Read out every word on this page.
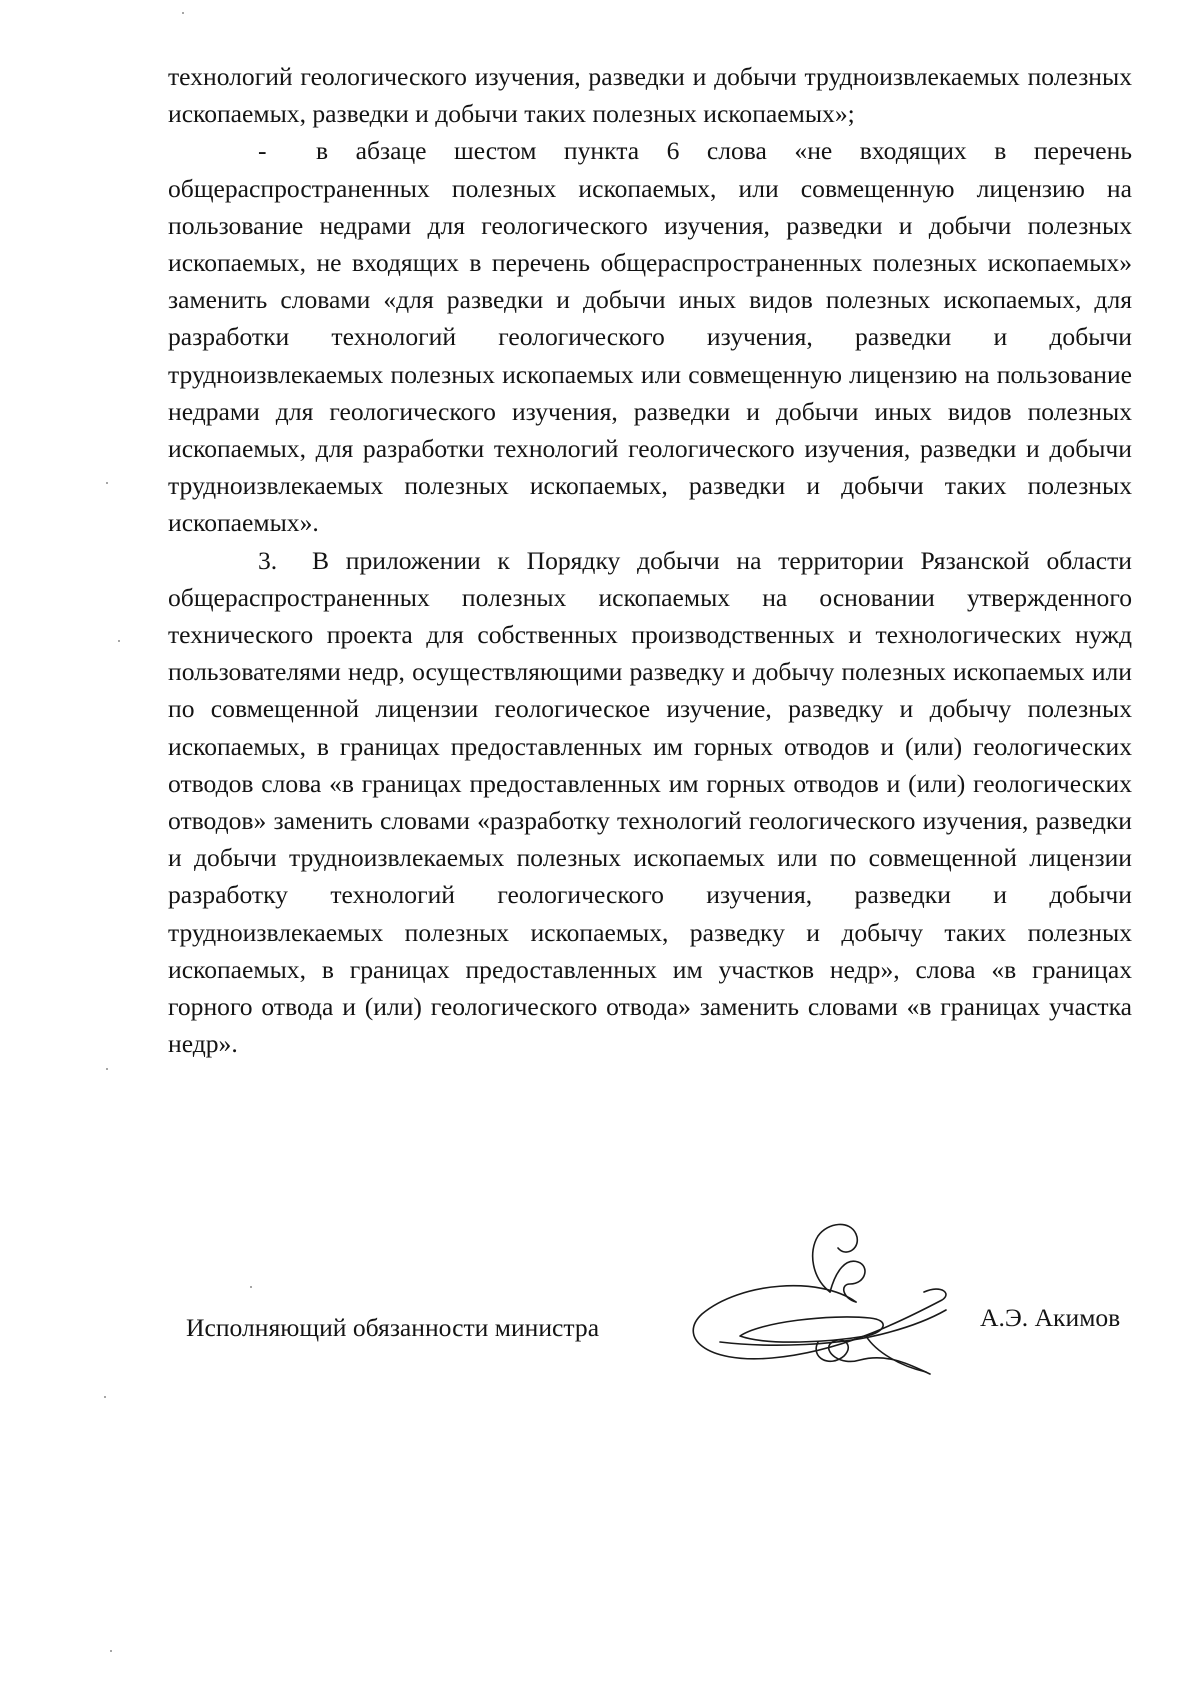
технологий геологического изучения, разведки и добычи трудноизвлекаемых полезных ископаемых, разведки и добычи таких полезных ископаемых»;

- в абзаце шестом пункта 6 слова «не входящих в перечень общераспространенных полезных ископаемых, или совмещенную лицензию на пользование недрами для геологического изучения, разведки и добычи полезных ископаемых, не входящих в перечень общераспространенных полезных ископаемых» заменить словами «для разведки и добычи иных видов полезных ископаемых, для разработки технологий геологического изучения, разведки и добычи трудноизвлекаемых полезных ископаемых или совмещенную лицензию на пользование недрами для геологического изучения, разведки и добычи иных видов полезных ископаемых, для разработки технологий геологического изучения, разведки и добычи трудноизвлекаемых полезных ископаемых, разведки и добычи таких полезных ископаемых».

3. В приложении к Порядку добычи на территории Рязанской области общераспространенных полезных ископаемых на основании утвержденного технического проекта для собственных производственных и технологических нужд пользователями недр, осуществляющими разведку и добычу полезных ископаемых или по совмещенной лицензии геологическое изучение, разведку и добычу полезных ископаемых, в границах предоставленных им горных отводов и (или) геологических отводов слова «в границах предоставленных им горных отводов и (или) геологических отводов» заменить словами «разработку технологий геологического изучения, разведки и добычи трудноизвлекаемых полезных ископаемых или по совмещенной лицензии разработку технологий геологического изучения, разведки и добычи трудноизвлекаемых полезных ископаемых, разведку и добычу таких полезных ископаемых, в границах предоставленных им участков недр», слова «в границах горного отвода и (или) геологического отвода» заменить словами «в границах участка недр».

Исполняющий обязанности министра	А.Э. Акимов
